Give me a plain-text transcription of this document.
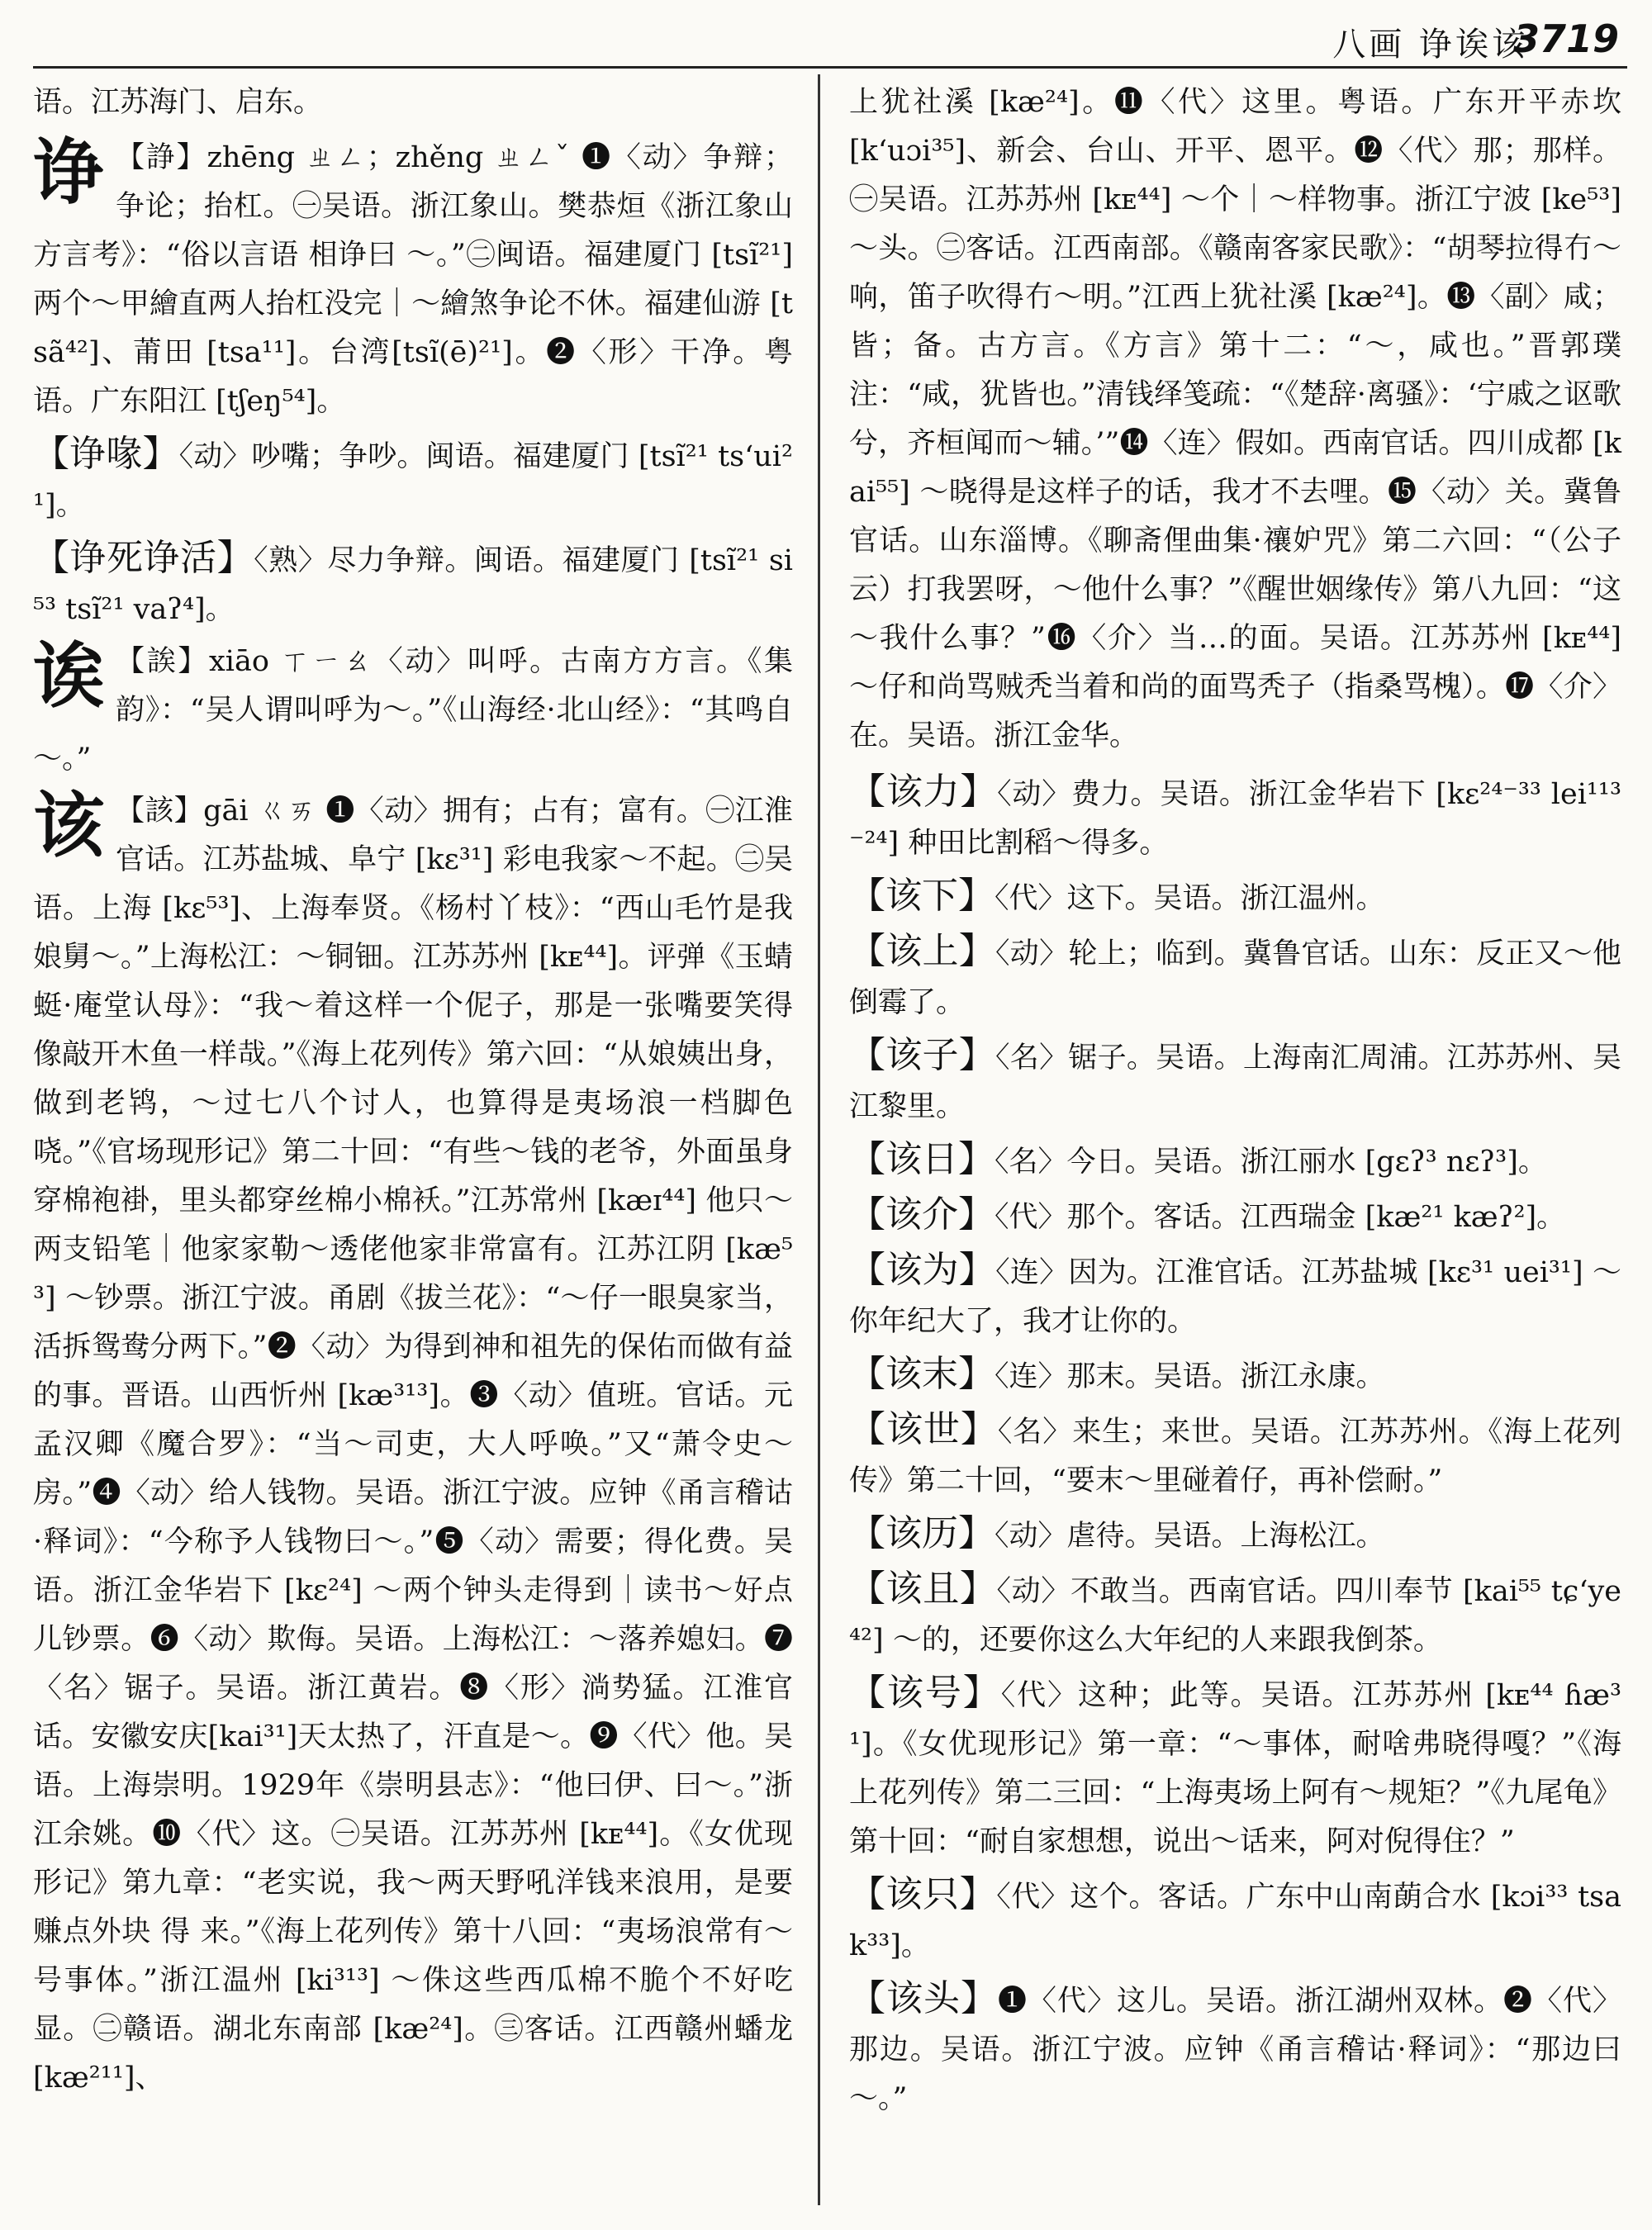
八画 诤诶该
3719
语。江苏海门、启东。
诤 【諍】zhēng ㄓㄥ；zhěng ㄓㄥˇ ❶〈动〉争辩；争论；抬杠。㊀吴语。浙江象山。樊恭烜《浙江象山方言考》：“俗以言语 相诤曰 ～。”㊁闽语。福建厦门 [tsĩ²¹] 两个～甲繪直两人抬杠没完｜～繪煞争论不休。福建仙游 [tsã⁴²]、莆田 [tsa¹¹]。台湾[tsĩ(ē)²¹]。❷〈形〉干净。粤语。广东阳江 [tʃeŋ⁵⁴]。
【诤喙】〈动〉吵嘴；争吵。闽语。福建厦门 [tsĩ²¹ ts‘ui²¹]。
【诤死诤活】〈熟〉尽力争辩。闽语。福建厦门 [tsĩ²¹ si⁵³ tsĩ²¹ vaʔ⁴]。
诶 【誒】xiāo ㄒㄧㄠ〈动〉叫呼。古南方方言。《集韵》：“吴人谓叫呼为～。”《山海经·北山经》：“其鸣自～。”
该 【該】gāi ㄍㄞ ❶〈动〉拥有；占有；富有。㊀江淮官话。江苏盐城、阜宁 [kε³¹] 彩电我家～不起。㊁吴语。上海 [kε⁵³]、上海奉贤。《杨村丫枝》：“西山毛竹是我娘舅～。”上海松江：～铜钿。江苏苏州 [kᴇ⁴⁴]。评弹《玉蜻蜓·庵堂认母》：“我～着这样一个伲子，那是一张嘴要笑得像敲开木鱼一样哉。”《海上花列传》第六回：“从娘姨出身，做到老鸨，～过七八个讨人，也算得是夷场浪一档脚色哓。”《官场现形记》第二十回：“有些～钱的老爷，外面虽身穿棉袍褂，里头都穿丝棉小棉袄。”江苏常州 [kæɪ⁴⁴] 他只～两支铅笔｜他家家勒～透佬他家非常富有。江苏江阴 [kæ⁵³] ～钞票。浙江宁波。甬剧《拔兰花》：“～仔一眼臭家当，活拆鸳鸯分两下。”❷〈动〉为得到神和祖先的保佑而做有益的事。晋语。山西忻州 [kæ³¹³]。❸〈动〉值班。官话。元孟汉卿《魔合罗》：“当～司吏，大人呼唤。”又“萧令史～房。”❹〈动〉给人钱物。吴语。浙江宁波。应钟《甬言稽诂·释词》：“今称予人钱物曰～。”❺〈动〉需要；得化费。吴语。浙江金华岩下 [kε²⁴] ～两个钟头走得到｜读书～好点儿钞票。❻〈动〉欺侮。吴语。上海松江：～落养媳妇。❼〈名〉锯子。吴语。浙江黄岩。❽〈形〉淌势猛。江淮官话。安徽安庆[kai³¹]天太热了，汗直是～。❾〈代〉他。吴语。上海崇明。1929年《崇明县志》：“他曰伊、曰～。”浙江余姚。❿〈代〉这。㊀吴语。江苏苏州 [kᴇ⁴⁴]。《女优现形记》第九章：“老实说，我～两天野吼洋钱来浪用，是要赚点外块 得 来。”《海上花列传》第十八回：“夷场浪常有～号事体。”浙江温州 [ki³¹³] ～侏这些西瓜棉不脆个不好吃显。㊁赣语。湖北东南部 [kæ²⁴]。㊂客话。江西赣州蟠龙 [kæ²¹¹]、
上犹社溪 [kæ²⁴]。⓫〈代〉这里。粤语。广东开平赤坎 [k‘uɔi³⁵]、新会、台山、开平、恩平。⓬〈代〉那；那样。㊀吴语。江苏苏州 [kᴇ⁴⁴] ～个｜～样物事。浙江宁波 [ke⁵³] ～头。㊁客话。江西南部。《赣南客家民歌》：“胡琴拉得冇～响，笛子吹得冇～明。”江西上犹社溪 [kæ²⁴]。⓭〈副〉咸；皆；备。古方言。《方言》第十二：“～，咸也。”晋郭璞注：“咸，犹皆也。”清钱绎笺疏：“《楚辞·离骚》：‘宁戚之讴歌兮，齐桓闻而～辅。’”⓮〈连〉假如。西南官话。四川成都 [kai⁵⁵] ～晓得是这样子的话，我才不去哩。⓯〈动〉关。冀鲁官话。山东淄博。《聊斋俚曲集·禳妒咒》第二六回：“（公子云）打我罢呀，～他什么事？”《醒世姻缘传》第八九回：“这～我什么事？”⓰〈介〉当…的面。吴语。江苏苏州 [kᴇ⁴⁴] ～仔和尚骂贼秃当着和尚的面骂秃子（指桑骂槐）。⓱〈介〉在。吴语。浙江金华。
【该力】〈动〉费力。吴语。浙江金华岩下 [kε²⁴⁻³³ lei¹¹³⁻²⁴] 种田比割稻～得多。
【该下】〈代〉这下。吴语。浙江温州。
【该上】〈动〉轮上；临到。冀鲁官话。山东：反正又～他倒霉了。
【该子】〈名〉锯子。吴语。上海南汇周浦。江苏苏州、吴江黎里。
【该日】〈名〉今日。吴语。浙江丽水 [gεʔ³ nεʔ³]。
【该介】〈代〉那个。客话。江西瑞金 [kæ²¹ kæʔ²]。
【该为】〈连〉因为。江淮官话。江苏盐城 [kε³¹ uei³¹] ～你年纪大了，我才让你的。
【该末】〈连〉那末。吴语。浙江永康。
【该世】〈名〉来生；来世。吴语。江苏苏州。《海上花列传》第二十回，“要末～里碰着仔，再补偿耐。”
【该历】〈动〉虐待。吴语。上海松江。
【该且】〈动〉不敢当。西南官话。四川奉节 [kai⁵⁵ tɕ‘ye⁴²] ～的，还要你这么大年纪的人来跟我倒茶。
【该号】〈代〉这种；此等。吴语。江苏苏州 [kᴇ⁴⁴ ɦæ³¹]。《女优现形记》第一章：“～事体，耐啥弗晓得嘎？”《海上花列传》第二三回：“上海夷场上阿有～规矩？”《九尾龟》第十回：“耐自家想想，说出～话来，阿对倪得住？”
【该只】〈代〉这个。客话。广东中山南蓢合水 [kɔi³³ tsak³³]。
【该头】❶〈代〉这儿。吴语。浙江湖州双林。❷〈代〉那边。吴语。浙江宁波。应钟《甬言稽诂·释词》：“那边曰～。”
